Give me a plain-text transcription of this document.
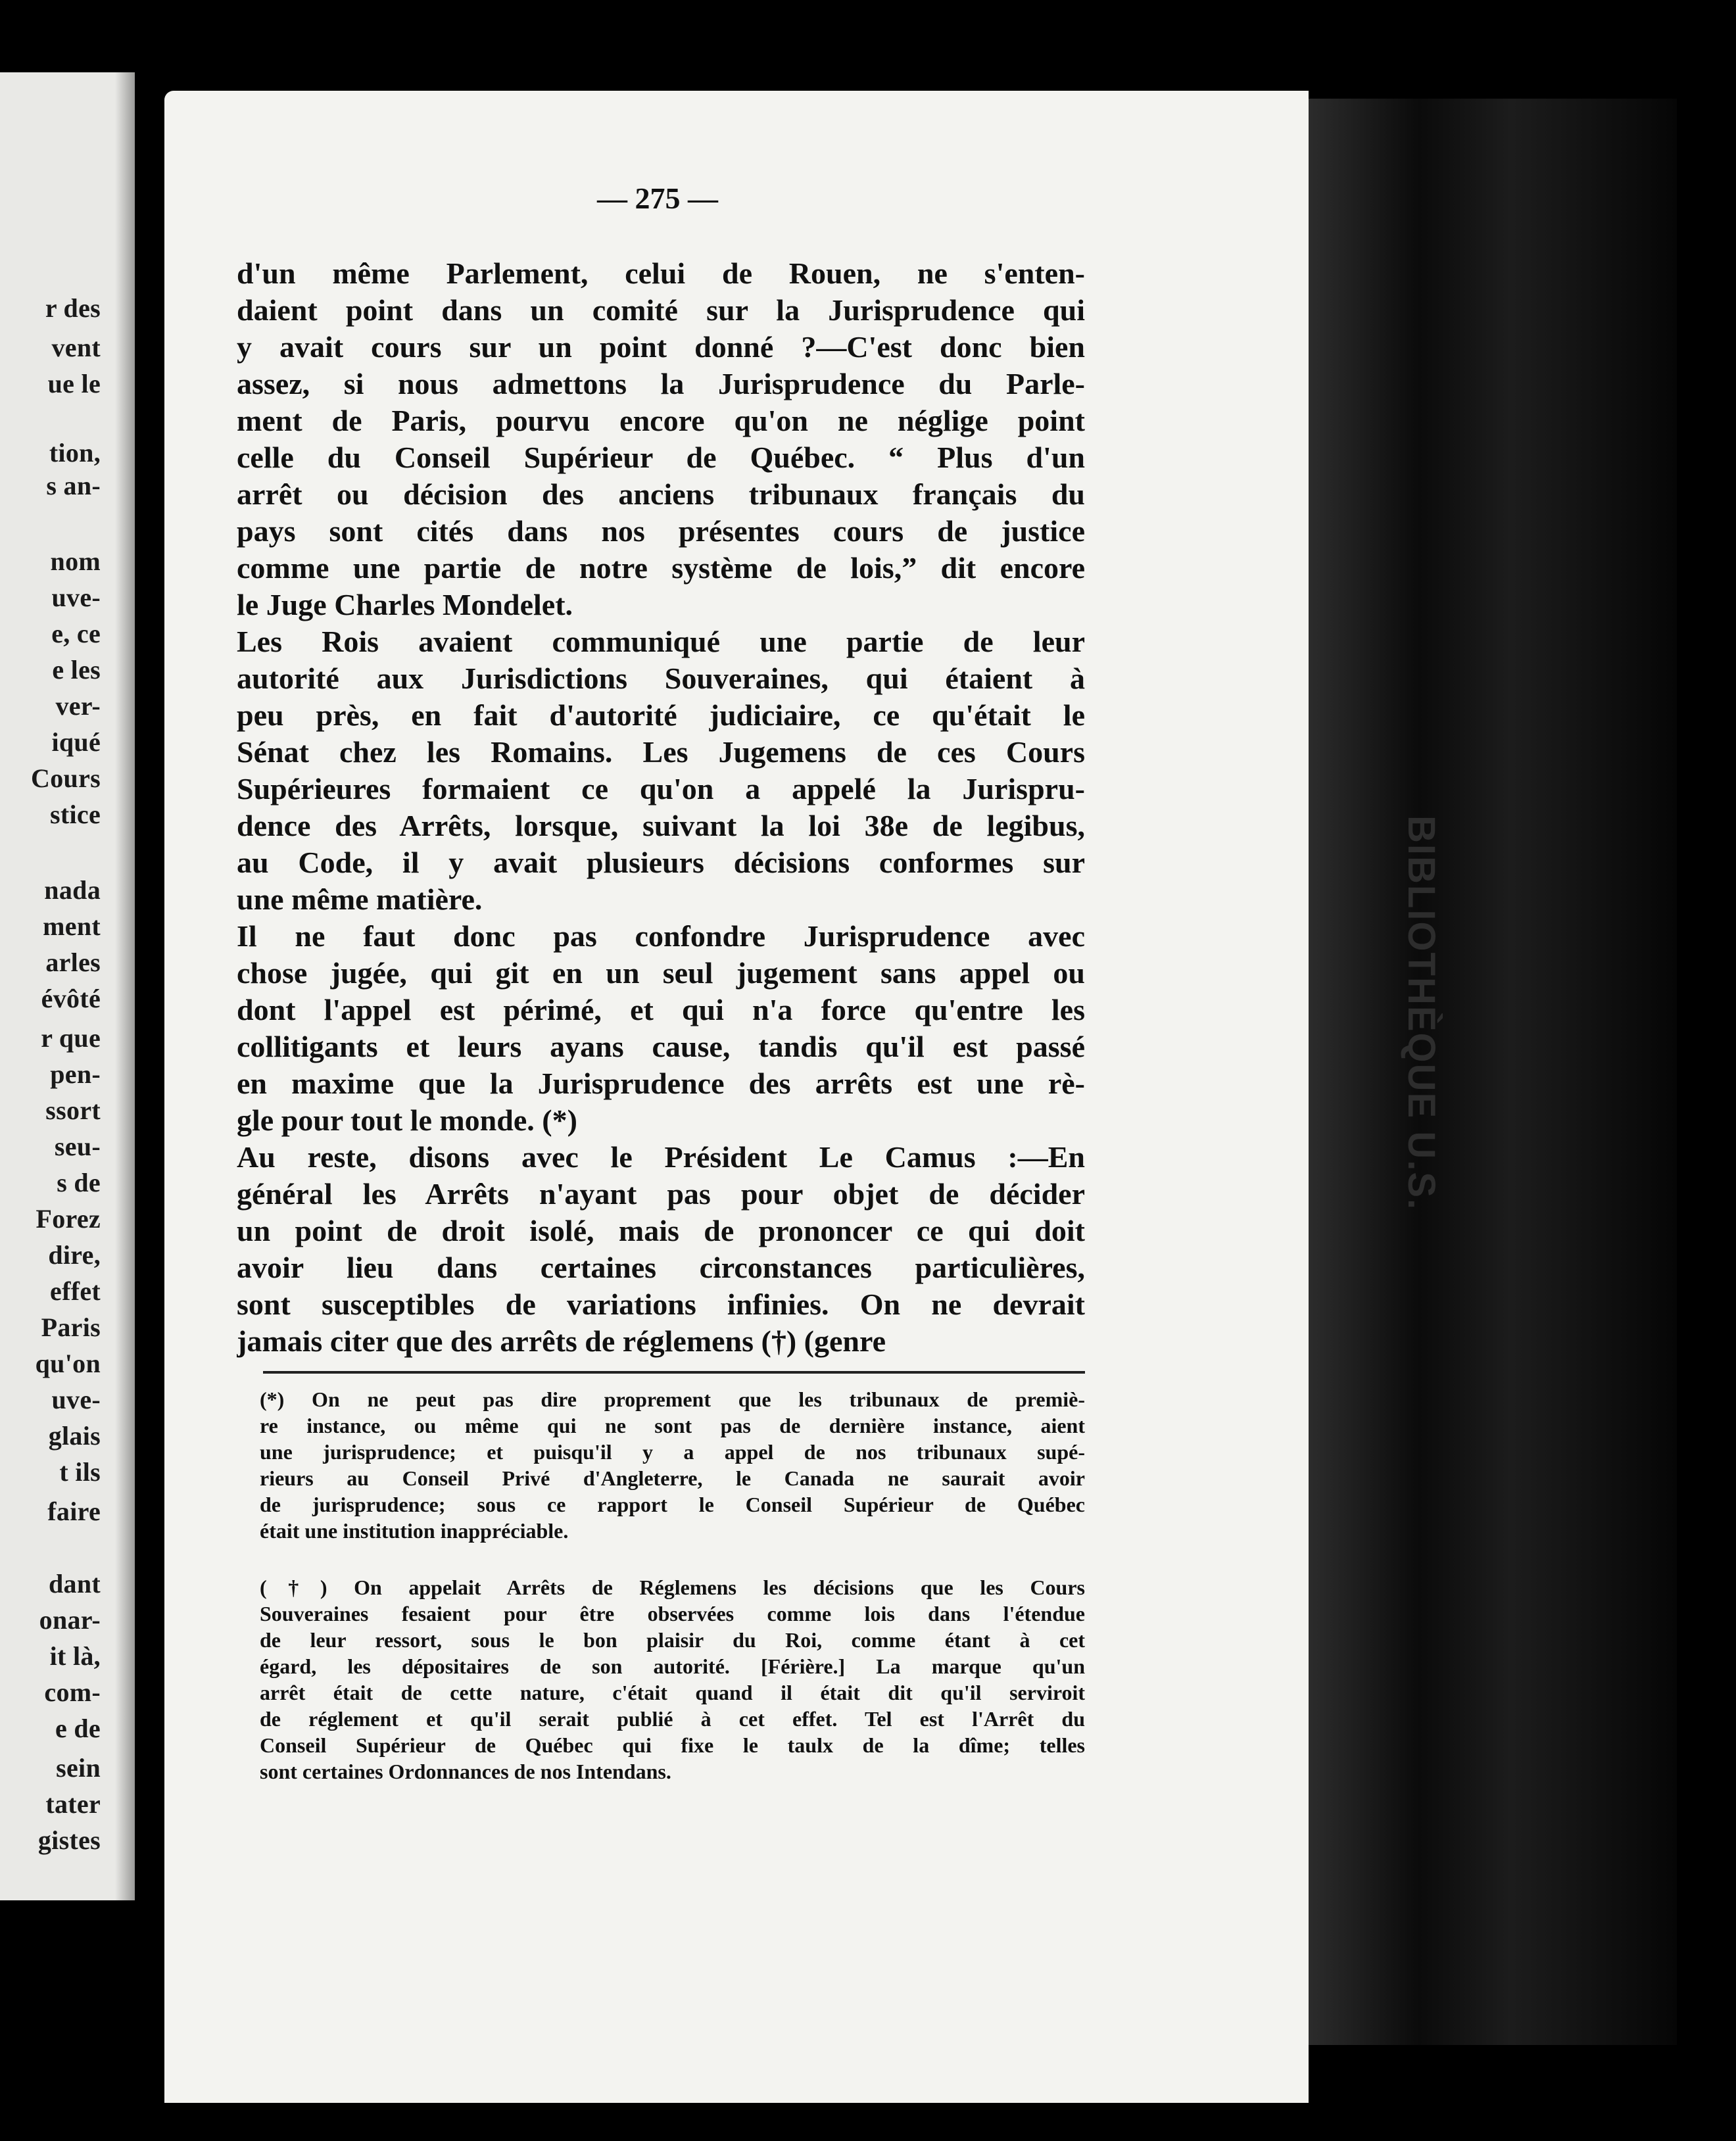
r des
vent
ue le
tion,
s an-
nom
uve-
e, ce
e les
ver-
iqué
Cours
stice
nada
ment
arles
évôté
r que
pen-
ssort
seu-
s de
Forez
dire,
effet
Paris
qu'on
uve-
glais
t ils
faire
dant
onar-
it là,
com-
e de
sein
tater
gistes
BIBLIOTHÈQUE U.S.
— 275 —
d'un même Parlement, celui de Rouen, ne s'enten-
daient point dans un comité sur la Jurisprudence qui
y avait cours sur un point donné ?—C'est donc bien
assez, si nous admettons la Jurisprudence du Parle-
ment de Paris, pourvu encore qu'on ne néglige point
celle du Conseil Supérieur de Québec. “ Plus d'un
arrêt ou décision des anciens tribunaux français du
pays sont cités dans nos présentes cours de justice
comme une partie de notre système de lois,” dit encore
le Juge Charles Mondelet.
Les Rois avaient communiqué une partie de leur
autorité aux Jurisdictions Souveraines, qui étaient à
peu près, en fait d'autorité judiciaire, ce qu'était le
Sénat chez les Romains. Les Jugemens de ces Cours
Supérieures formaient ce qu'on a appelé la Jurispru-
dence des Arrêts, lorsque, suivant la loi 38e de legibus,
au Code, il y avait plusieurs décisions conformes sur
une même matière.
Il ne faut donc pas confondre Jurisprudence avec
chose jugée, qui git en un seul jugement sans appel ou
dont l'appel est périmé, et qui n'a force qu'entre les
collitigants et leurs ayans cause, tandis qu'il est passé
en maxime que la Jurisprudence des arrêts est une rè-
gle pour tout le monde. (*)
Au reste, disons avec le Président Le Camus :—En
général les Arrêts n'ayant pas pour objet de décider
un point de droit isolé, mais de prononcer ce qui doit
avoir lieu dans certaines circonstances particulières,
sont susceptibles de variations infinies. On ne devrait
jamais citer que des arrêts de réglemens (†) (genre
(*) On ne peut pas dire proprement que les tribunaux de premiè-
re instance, ou même qui ne sont pas de dernière instance, aient
une jurisprudence; et puisqu'il y a appel de nos tribunaux supé-
rieurs au Conseil Privé d'Angleterre, le Canada ne saurait avoir
de jurisprudence; sous ce rapport le Conseil Supérieur de Québec
était une institution inappréciable.
(†) On appelait Arrêts de Réglemens les décisions que les Cours
Souveraines fesaient pour être observées comme lois dans l'étendue
de leur ressort, sous le bon plaisir du Roi, comme étant à cet
égard, les dépositaires de son autorité. [Férière.] La marque qu'un
arrêt était de cette nature, c'était quand il était dit qu'il serviroit
de réglement et qu'il serait publié à cet effet. Tel est l'Arrêt du
Conseil Supérieur de Québec qui fixe le taulx de la dîme; telles
sont certaines Ordonnances de nos Intendans.
